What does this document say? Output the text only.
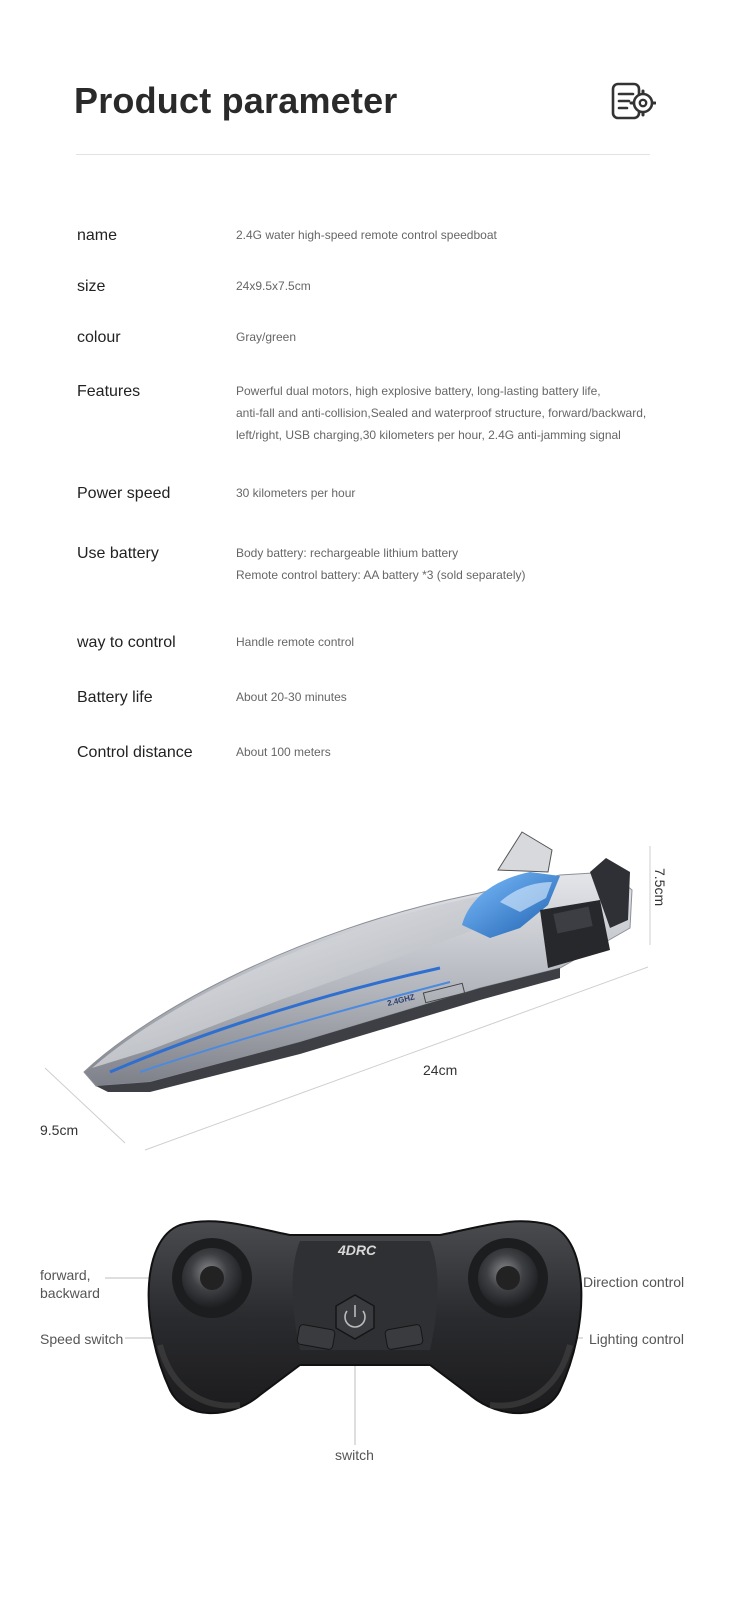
Product parameter
name	2.4G water high-speed remote control speedboat
size	24x9.5x7.5cm
colour	Gray/green
Features	Powerful dual motors, high explosive battery, long-lasting battery life,
anti-fall and anti-collision,Sealed and waterproof structure, forward/backward,
left/right, USB charging,30 kilometers per hour, 2.4G anti-jamming signal
Power speed	30 kilometers per hour
Use battery	Body battery: rechargeable lithium battery
Remote control battery: AA battery *3 (sold separately)
way to control	Handle remote control
Battery life	About 20-30 minutes
Control distance	About 100 meters
2.4GHZ
7.5cm
24cm
9.5cm
4DRC
forward,
backward
Speed switch
Direction control
Lighting control
switch
